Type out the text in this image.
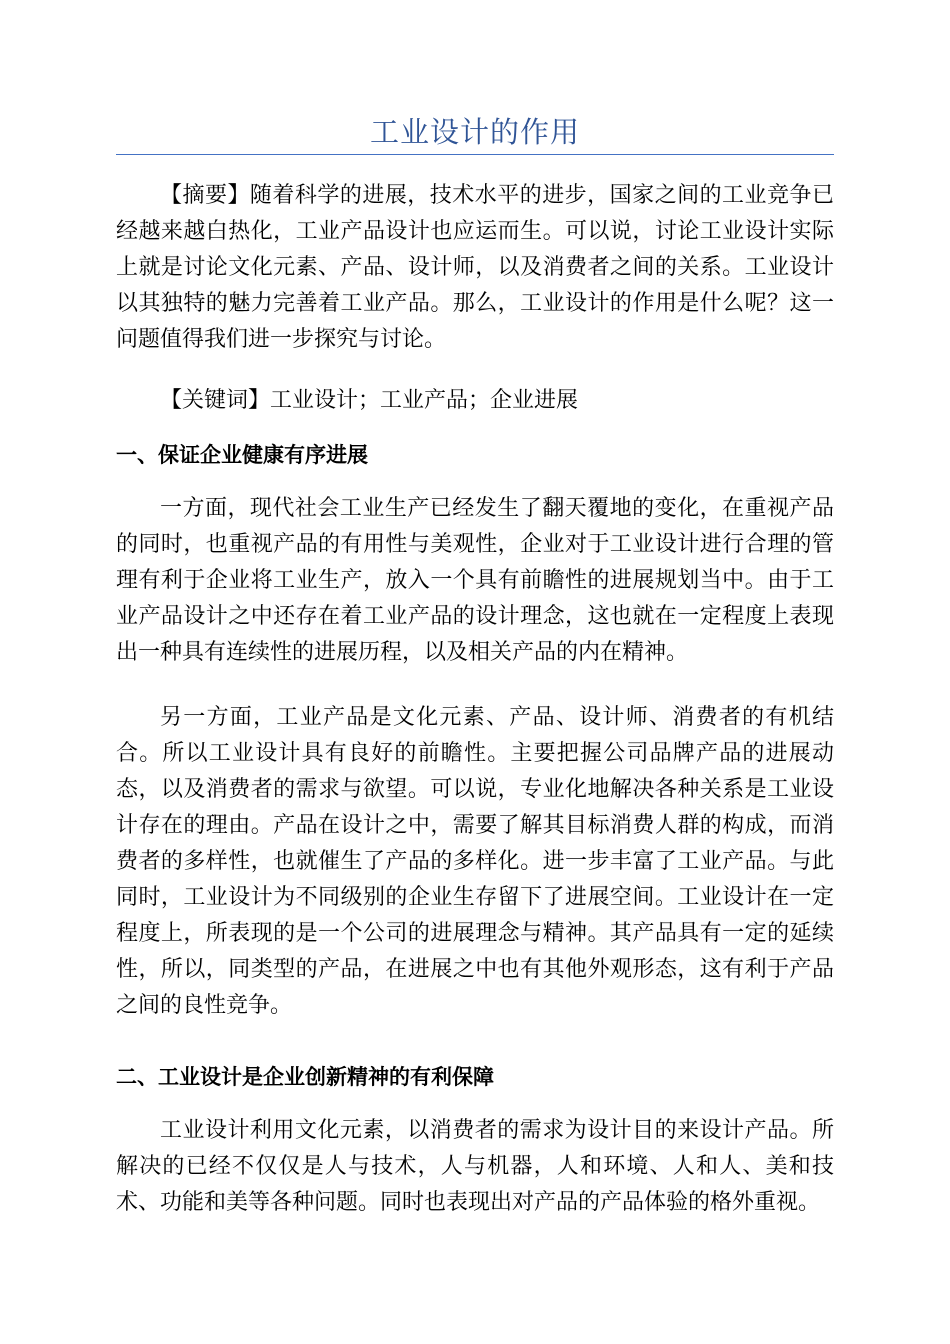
工业设计的作用

【摘要】随着科学的进展，技术水平的进步，国家之间的工业竞争已经越来越白热化，工业产品设计也应运而生。可以说，讨论工业设计实际上就是讨论文化元素、产品、设计师，以及消费者之间的关系。工业设计以其独特的魅力完善着工业产品。那么，工业设计的作用是什么呢？这一问题值得我们进一步探究与讨论。

【关键词】工业设计；工业产品；企业进展

一、保证企业健康有序进展

一方面，现代社会工业生产已经发生了翻天覆地的变化，在重视产品的同时，也重视产品的有用性与美观性，企业对于工业设计进行合理的管理有利于企业将工业生产，放入一个具有前瞻性的进展规划当中。由于工业产品设计之中还存在着工业产品的设计理念，这也就在一定程度上表现出一种具有连续性的进展历程，以及相关产品的内在精神。

另一方面，工业产品是文化元素、产品、设计师、消费者的有机结合。所以工业设计具有良好的前瞻性。主要把握公司品牌产品的进展动态，以及消费者的需求与欲望。可以说，专业化地解决各种关系是工业设计存在的理由。产品在设计之中，需要了解其目标消费人群的构成，而消费者的多样性，也就催生了产品的多样化。进一步丰富了工业产品。与此同时，工业设计为不同级别的企业生存留下了进展空间。工业设计在一定程度上，所表现的是一个公司的进展理念与精神。其产品具有一定的延续性，所以，同类型的产品，在进展之中也有其他外观形态，这有利于产品之间的良性竞争。

二、工业设计是企业创新精神的有利保障

工业设计利用文化元素，以消费者的需求为设计目的来设计产品。所解决的已经不仅仅是人与技术，人与机器，人和环境、人和人、美和技术、功能和美等各种问题。同时也表现出对产品的产品体验的格外重视。
